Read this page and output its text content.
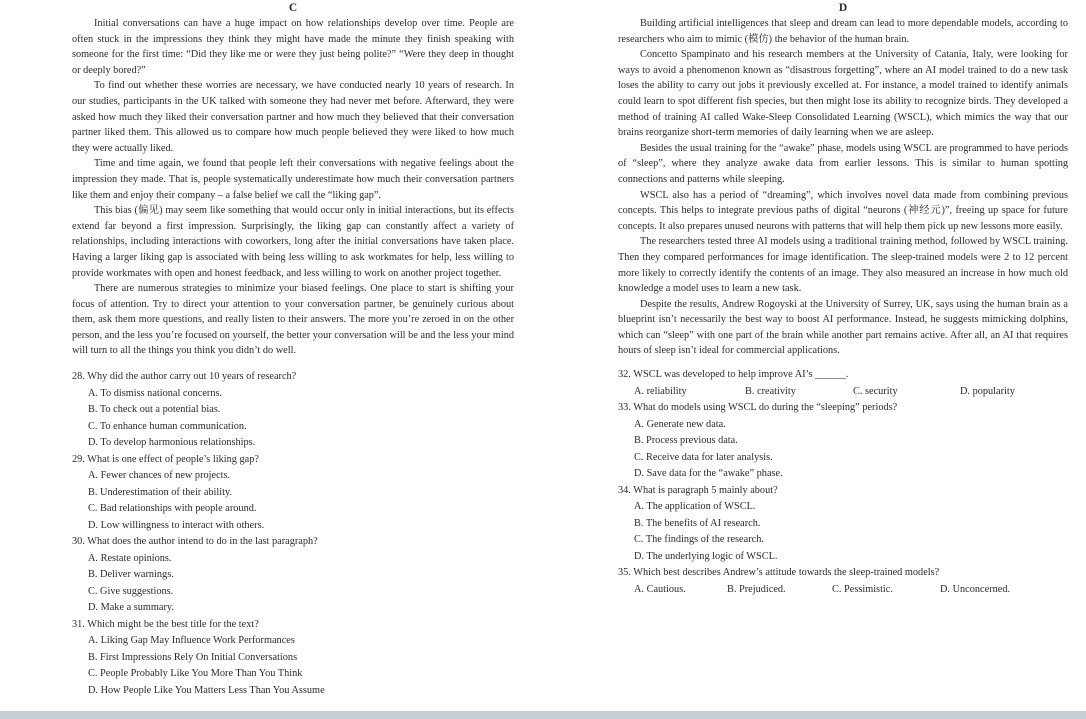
C

Initial conversations can have a huge impact on how relationships develop over time. People are often stuck in the impressions they think they might have made the minute they finish speaking with someone for the first time: “Did they like me or were they just being polite?” “Were they deep in thought or deeply bored?”

To find out whether these worries are necessary, we have conducted nearly 10 years of research. In our studies, participants in the UK talked with someone they had never met before. Afterward, they were asked how much they liked their conversation partner and how much they believed that their conversation partner liked them. This allowed us to compare how much people believed they were liked to how much they were actually liked.

Time and time again, we found that people left their conversations with negative feelings about the impression they made. That is, people systematically underestimate how much their conversation partners like them and enjoy their company – a false belief we call the “liking gap”.

This bias (偏见) may seem like something that would occur only in initial interactions, but its effects extend far beyond a first impression. Surprisingly, the liking gap can constantly affect a variety of relationships, including interactions with coworkers, long after the initial conversations have taken place. Having a larger liking gap is associated with being less willing to ask workmates for help, less willing to provide workmates with open and honest feedback, and less willing to work on another project together.

There are numerous strategies to minimize your biased feelings. One place to start is shifting your focus of attention. Try to direct your attention to your conversation partner, be genuinely curious about them, ask them more questions, and really listen to their answers. The more you’re zeroed in on the other person, and the less you’re focused on yourself, the better your conversation will be and the less your mind will turn to all the things you think you didn’t do well.

28. Why did the author carry out 10 years of research?

A. To dismiss national concerns.

B. To check out a potential bias.

C. To enhance human communication.

D. To develop harmonious relationships.

29. What is one effect of people’s liking gap?

A. Fewer chances of new projects.

B. Underestimation of their ability.

C. Bad relationships with people around.

D. Low willingness to interact with others.

30. What does the author intend to do in the last paragraph?

A. Restate opinions.

B. Deliver warnings.

C. Give suggestions.

D. Make a summary.

31. Which might be the best title for the text?

A. Liking Gap May Influence Work Performances

B. First Impressions Rely On Initial Conversations

C. People Probably Like You More Than You Think

D. How People Like You Matters Less Than You Assume

D

Building artificial intelligences that sleep and dream can lead to more dependable models, according to researchers who aim to mimic (模仿) the behavior of the human brain.

Concetto Spampinato and his research members at the University of Catania, Italy, were looking for ways to avoid a phenomenon known as “disastrous forgetting”, where an AI model trained to do a new task loses the ability to carry out jobs it previously excelled at. For instance, a model trained to identify animals could learn to spot different fish species, but then might lose its ability to recognize birds. They developed a method of training AI called Wake-Sleep Consolidated Learning (WSCL), which mimics the way that our brains reorganize short-term memories of daily learning when we are asleep.

Besides the usual training for the “awake” phase, models using WSCL are programmed to have periods of “sleep”, where they analyze awake data from earlier lessons. This is similar to human spotting connections and patterns while sleeping.

WSCL also has a period of “dreaming”, which involves novel data made from combining previous concepts. This helps to integrate previous paths of digital “neurons (神经元)”, freeing up space for future concepts. It also prepares unused neurons with patterns that will help them pick up new lessons more easily.

The researchers tested three AI models using a traditional training method, followed by WSCL training. Then they compared performances for image identification. The sleep-trained models were 2 to 12 percent more likely to correctly identify the contents of an image. They also measured an increase in how much old knowledge a model uses to learn a new task.

Despite the results, Andrew Rogoyski at the University of Surrey, UK, says using the human brain as a blueprint isn’t necessarily the best way to boost AI performance. Instead, he suggests mimicking dolphins, which can “sleep” with one part of the brain while another part remains active. After all, an AI that requires hours of sleep isn’t ideal for commercial applications.

32. WSCL was developed to help improve AI’s ______.

A. reliability	B. creativity	C. security	D. popularity

33. What do models using WSCL do during the “sleeping” periods?

A. Generate new data.

B. Process previous data.

C. Receive data for later analysis.

D. Save data for the “awake” phase.

34. What is paragraph 5 mainly about?

A. The application of WSCL.

B. The benefits of AI research.

C. The findings of the research.

D. The underlying logic of WSCL.

35. Which best describes Andrew’s attitude towards the sleep-trained models?

A. Cautious.	B. Prejudiced.	C. Pessimistic.	D. Unconcerned.
